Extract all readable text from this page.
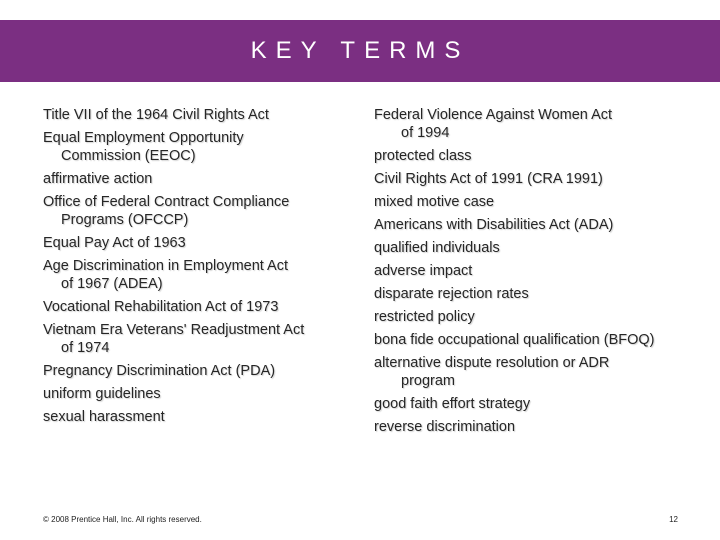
KEY TERMS
Title VII of the 1964 Civil Rights Act
Equal Employment Opportunity
Commission (EEOC)
affirmative action
Office of Federal Contract Compliance
Programs (OFCCP)
Equal Pay Act of 1963
Age Discrimination in Employment Act
of 1967 (ADEA)
Vocational Rehabilitation Act of 1973
Vietnam Era Veterans' Readjustment Act
of 1974
Pregnancy Discrimination Act (PDA)
uniform guidelines
sexual harassment
Federal Violence Against Women Act
of 1994
protected class
Civil Rights Act of 1991 (CRA 1991)
mixed motive case
Americans with Disabilities Act (ADA)
qualified individuals
adverse impact
disparate rejection rates
restricted policy
bona fide occupational qualification (BFOQ)
alternative dispute resolution or ADR
program
good faith effort strategy
reverse discrimination
© 2008 Prentice Hall, Inc. All rights reserved.	12
